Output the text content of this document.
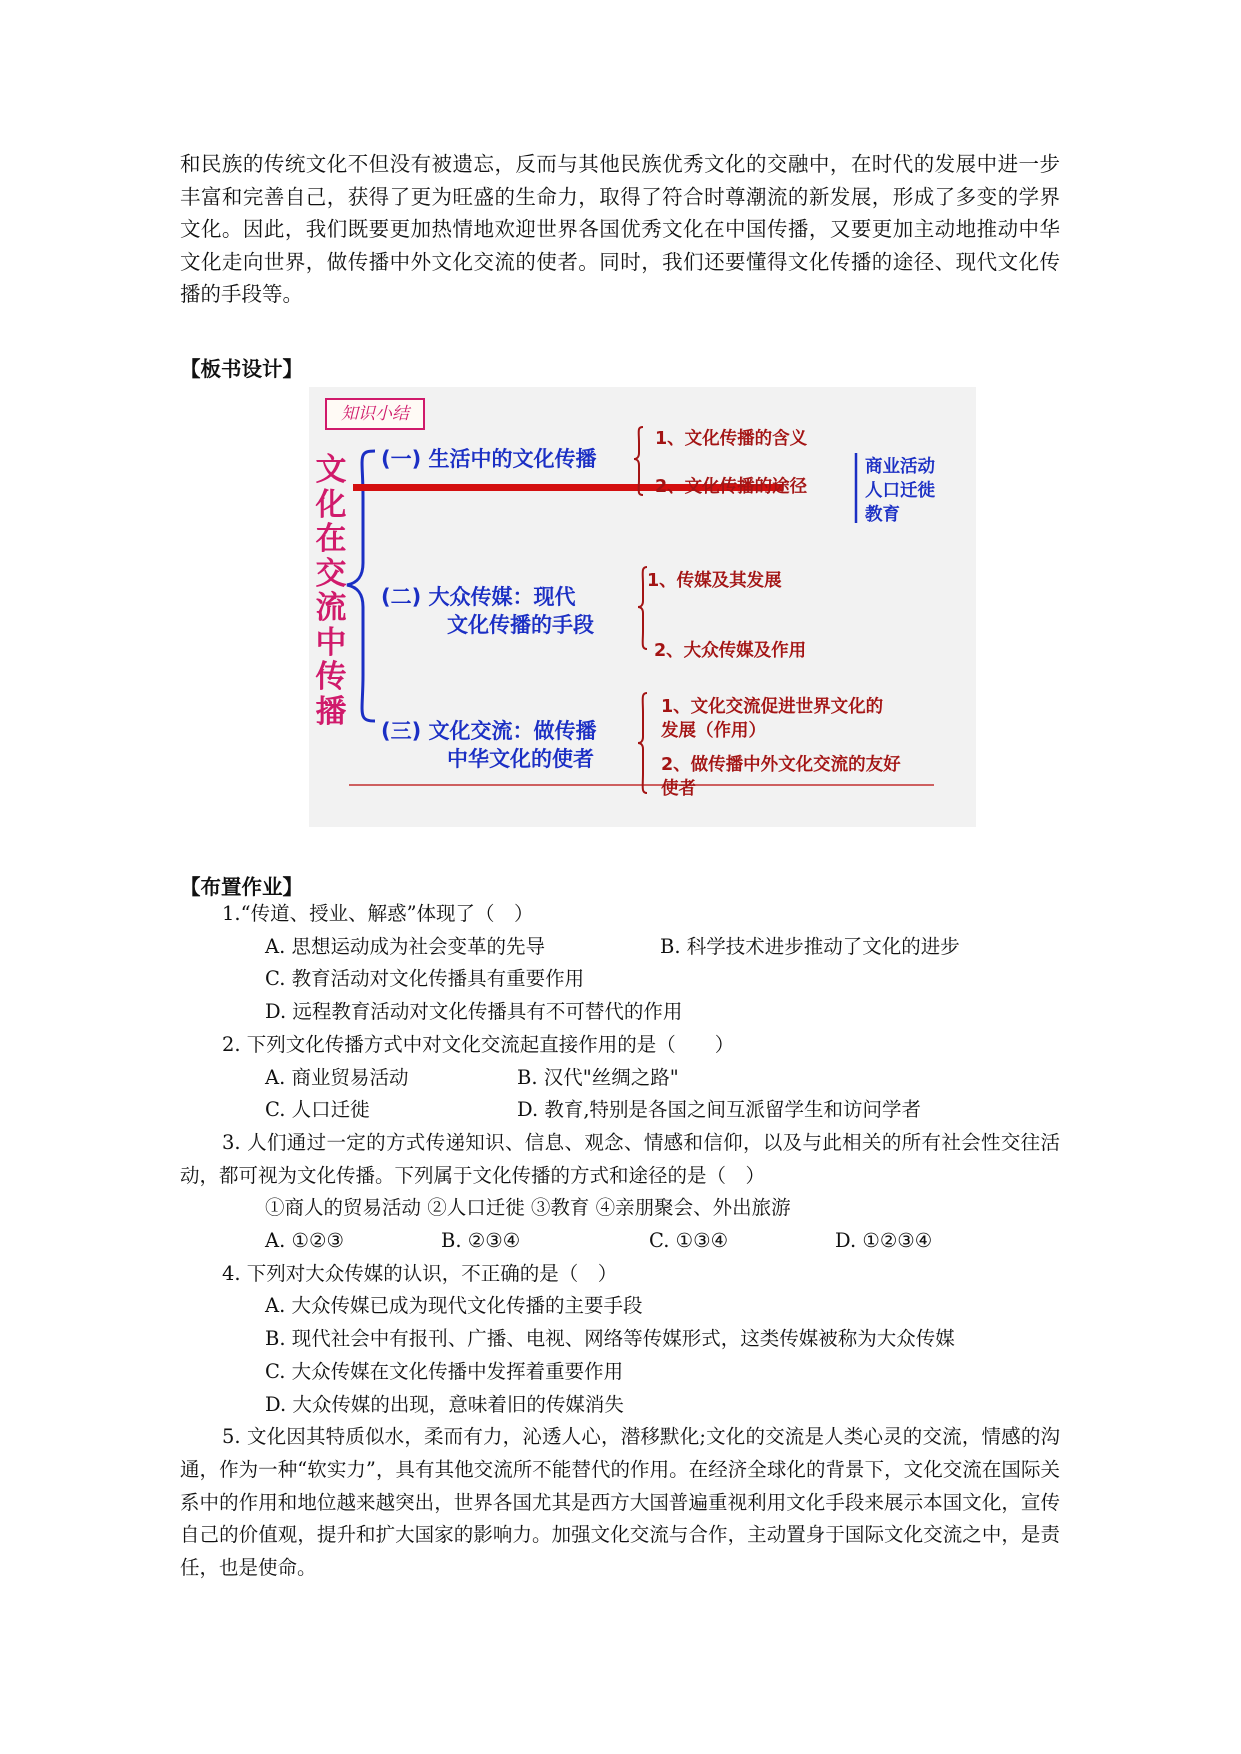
和民族的传统文化不但没有被遗忘，反而与其他民族优秀文化的交融中，在时代的发展中进一步丰富和完善自己，获得了更为旺盛的生命力，取得了符合时尊潮流的新发展，形成了多变的学界文化。因此，我们既要更加热情地欢迎世界各国优秀文化在中国传播，又要更加主动地推动中华文化走向世界，做传播中外文化交流的使者。同时，我们还要懂得文化传播的途径、现代文化传播的手段等。

【板书设计】
知识小结
文化在交流中传播
(一) 生活中的文化传播
1、文化传播的含义
2、文化传播的途径
商业活动
人口迁徙
教育
(二) 大众传媒：现代
文化传播的手段
1、传媒及其发展
2、大众传媒及作用
(三) 文化交流：做传播
中华文化的使者
1、文化交流促进世界文化的
发展（作用）
2、做传播中外文化交流的友好
使者
【布置作业】
1.“传道、授业、解惑”体现了（　）
A. 思想运动成为社会变革的先导	B. 科学技术进步推动了文化的进步
C. 教育活动对文化传播具有重要作用
D. 远程教育活动对文化传播具有不可替代的作用
2. 下列文化传播方式中对文化交流起直接作用的是（　　）
A. 商业贸易活动	B. 汉代"丝绸之路"
C. 人口迁徙	D. 教育,特别是各国之间互派留学生和访问学者
3. 人们通过一定的方式传递知识、信息、观念、情感和信仰，以及与此相关的所有社会性交往活动，都可视为文化传播。下列属于文化传播的方式和途径的是（　）
①商人的贸易活动 ②人口迁徙 ③教育 ④亲朋聚会、外出旅游
A. ①②③	B. ②③④	C. ①③④	D. ①②③④
4. 下列对大众传媒的认识，不正确的是（　）
A. 大众传媒已成为现代文化传播的主要手段
B. 现代社会中有报刊、广播、电视、网络等传媒形式，这类传媒被称为大众传媒
C. 大众传媒在文化传播中发挥着重要作用
D. 大众传媒的出现，意味着旧的传媒消失
5. 文化因其特质似水，柔而有力，沁透人心，潜移默化;文化的交流是人类心灵的交流，情感的沟通，作为一种“软实力”，具有其他交流所不能替代的作用。在经济全球化的背景下，文化交流在国际关系中的作用和地位越来越突出，世界各国尤其是西方大国普遍重视利用文化手段来展示本国文化，宣传自己的价值观，提升和扩大国家的影响力。加强文化交流与合作，主动置身于国际文化交流之中，是责任，也是使命。
